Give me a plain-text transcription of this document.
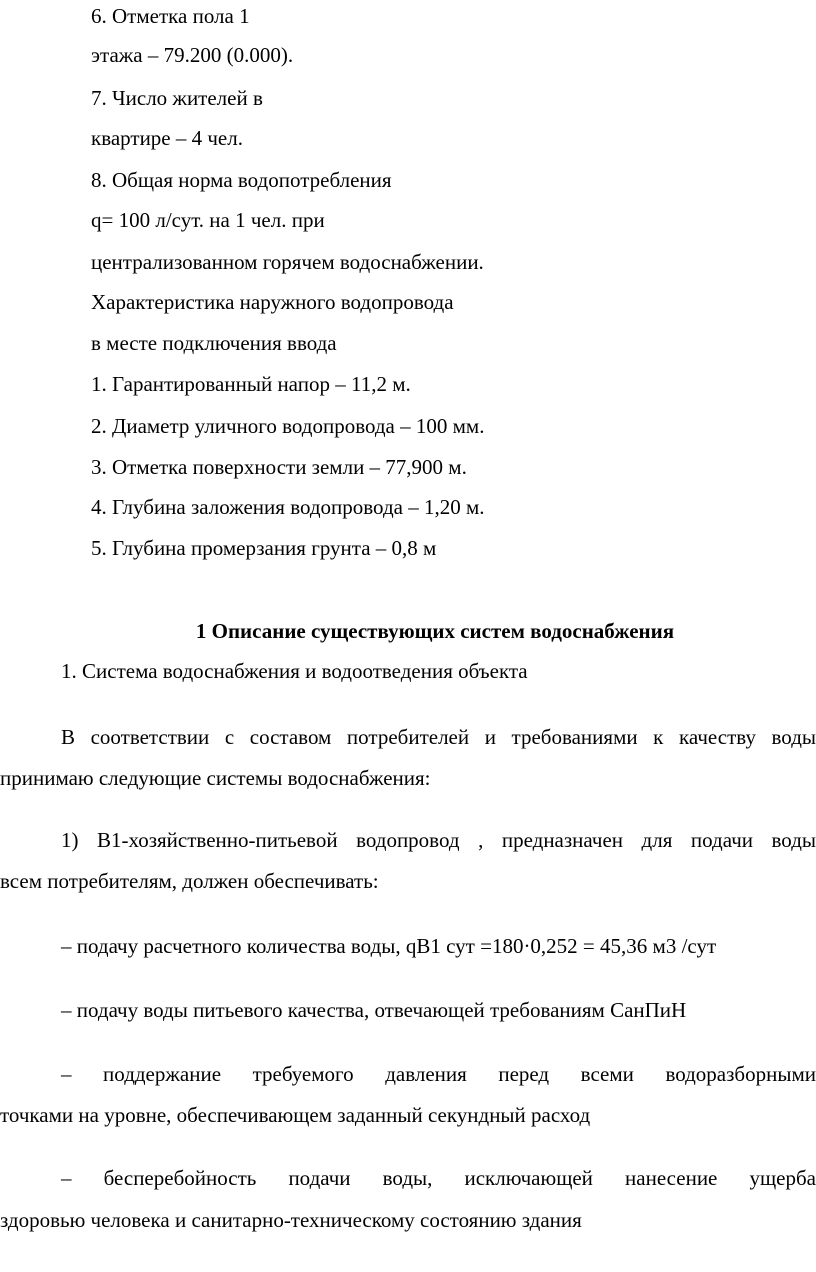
6. Отметка пола 1
этажа – 79.200 (0.000).
7. Число жителей в
квартире – 4 чел.
8. Общая норма водопотребления
q= 100 л/сут. на 1 чел. при
централизованном горячем водоснабжении.
Характеристика наружного водопровода
в месте подключения ввода
1. Гарантированный напор – 11,2 м.
2. Диаметр уличного водопровода – 100 мм.
3. Отметка поверхности земли – 77,900 м.
4. Глубина заложения водопровода – 1,20 м.
5. Глубина промерзания грунта – 0,8 м
1 Описание существующих систем водоснабжения
1. Система водоснабжения и водоотведения объекта
В соответствии с составом потребителей и требованиями к качеству воды
принимаю следующие системы водоснабжения:
1) В1-хозяйственно-питьевой водопровод , предназначен для подачи воды
всем потребителям, должен обеспечивать:
– подачу расчетного количества воды, qB1 сут =180·0,252 = 45,36 м3 /сут
– подачу воды питьевого качества, отвечающей требованиям СанПиН
– поддержание требуемого давления перед всеми водоразборными
точками на уровне, обеспечивающем заданный секундный расход
– бесперебойность подачи воды, исключающей нанесение ущерба
здоровью человека и санитарно-техническому состоянию здания
